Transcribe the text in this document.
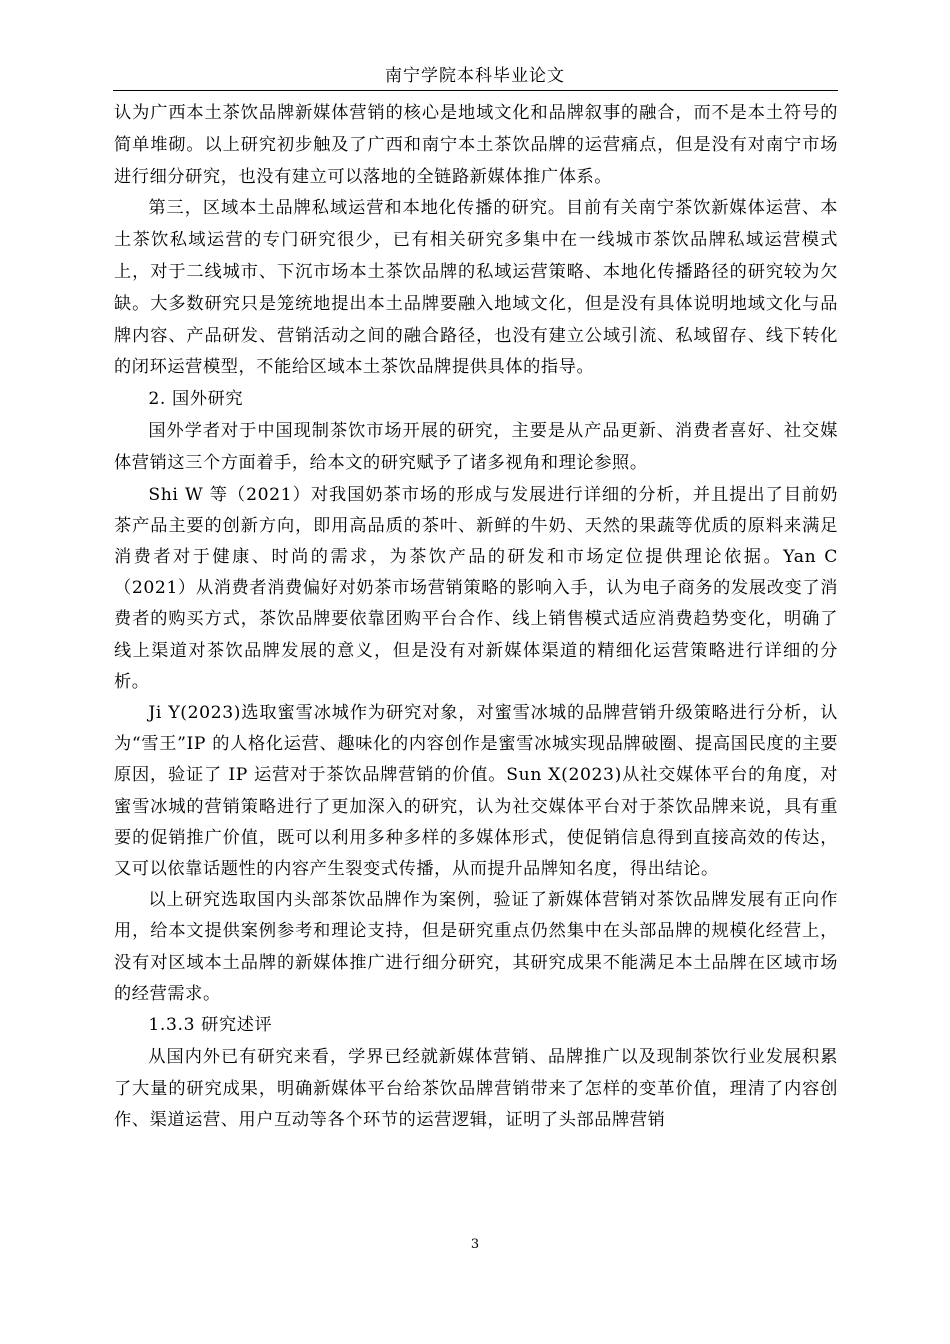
南宁学院本科毕业论文

认为广西本土茶饮品牌新媒体营销的核心是地域文化和品牌叙事的融合，而不是本土符号的简单堆砌。以上研究初步触及了广西和南宁本土茶饮品牌的运营痛点，但是没有对南宁市场进行细分研究，也没有建立可以落地的全链路新媒体推广体系。

第三，区域本土品牌私域运营和本地化传播的研究。目前有关南宁茶饮新媒体运营、本土茶饮私域运营的专门研究很少，已有相关研究多集中在一线城市茶饮品牌私域运营模式上，对于二线城市、下沉市场本土茶饮品牌的私域运营策略、本地化传播路径的研究较为欠缺。大多数研究只是笼统地提出本土品牌要融入地域文化，但是没有具体说明地域文化与品牌内容、产品研发、营销活动之间的融合路径，也没有建立公域引流、私域留存、线下转化的闭环运营模型，不能给区域本土茶饮品牌提供具体的指导。

2. 国外研究

国外学者对于中国现制茶饮市场开展的研究，主要是从产品更新、消费者喜好、社交媒体营销这三个方面着手，给本文的研究赋予了诸多视角和理论参照。

Shi W 等（2021）对我国奶茶市场的形成与发展进行详细的分析，并且提出了目前奶茶产品主要的创新方向，即用高品质的茶叶、新鲜的牛奶、天然的果蔬等优质的原料来满足消费者对于健康、时尚的需求，为茶饮产品的研发和市场定位提供理论依据。Yan C（2021）从消费者消费偏好对奶茶市场营销策略的影响入手，认为电子商务的发展改变了消费者的购买方式，茶饮品牌要依靠团购平台合作、线上销售模式适应消费趋势变化，明确了线上渠道对茶饮品牌发展的意义，但是没有对新媒体渠道的精细化运营策略进行详细的分析。

Ji Y(2023)选取蜜雪冰城作为研究对象，对蜜雪冰城的品牌营销升级策略进行分析，认为“雪王”IP 的人格化运营、趣味化的内容创作是蜜雪冰城实现品牌破圈、提高国民度的主要原因，验证了 IP 运营对于茶饮品牌营销的价值。Sun X(2023)从社交媒体平台的角度，对蜜雪冰城的营销策略进行了更加深入的研究，认为社交媒体平台对于茶饮品牌来说，具有重要的促销推广价值，既可以利用多种多样的多媒体形式，使促销信息得到直接高效的传达，又可以依靠话题性的内容产生裂变式传播，从而提升品牌知名度，得出结论。

以上研究选取国内头部茶饮品牌作为案例，验证了新媒体营销对茶饮品牌发展有正向作用，给本文提供案例参考和理论支持，但是研究重点仍然集中在头部品牌的规模化经营上，没有对区域本土品牌的新媒体推广进行细分研究，其研究成果不能满足本土品牌在区域市场的经营需求。

1.3.3 研究述评

从国内外已有研究来看，学界已经就新媒体营销、品牌推广以及现制茶饮行业发展积累了大量的研究成果，明确新媒体平台给茶饮品牌营销带来了怎样的变革价值，理清了内容创作、渠道运营、用户互动等各个环节的运营逻辑，证明了头部品牌营销

3
